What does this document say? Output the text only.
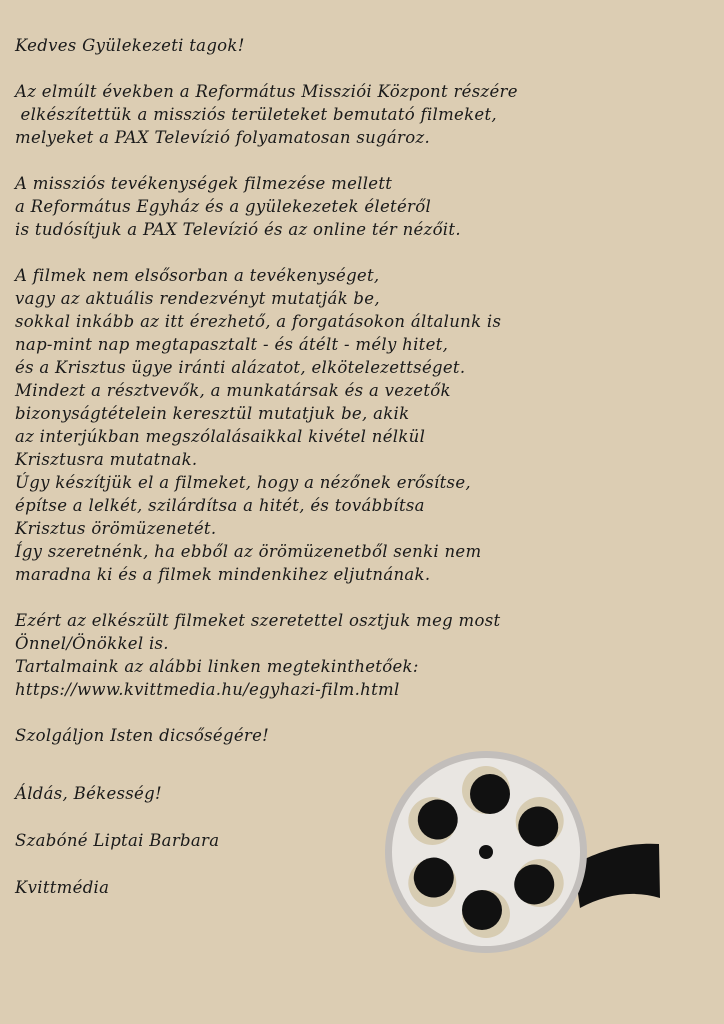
Kedves Gyülekezeti tagok!

Az elmúlt években a Református Missziói Központ részére

elkészítettük a missziós területeket bemutató filmeket,

melyeket a PAX Televízió folyamatosan sugároz.

A missziós tevékenységek filmezése mellett

a Református Egyház és a gyülekezetek életéről

is tudósítjuk a PAX Televízió és az online tér nézőit.

A filmek nem elsősorban a tevékenységet,

vagy az aktuális rendezvényt mutatják be,

sokkal inkább az itt érezhető, a forgatásokon általunk is

nap-mint nap megtapasztalt - és átélt - mély hitet,

és a Krisztus ügye iránti alázatot, elkötelezettséget.

Mindezt a résztvevők, a munkatársak és a vezetők

bizonyságtételein keresztül mutatjuk be, akik

az interjúkban megszólalásaikkal kivétel nélkül

Krisztusra mutatnak.

Úgy készítjük el a filmeket, hogy a nézőnek erősítse,

építse a lelkét, szilárdítsa a hitét, és továbbítsa

Krisztus örömüzenetét.

Így szeretnénk, ha ebből az örömüzenetből senki nem

maradna ki és a filmek mindenkihez eljutnának.

Ezért az elkészült filmeket szeretettel osztjuk meg most

Önnel/Önökkel is.

Tartalmaink az alábbi linken megtekinthetőek:

https://www.kvittmedia.hu/egyhazi-film.html

Szolgáljon Isten dicsőségére!

Áldás, Békesség!

Szabóné Liptai Barbara

Kvittmédia
